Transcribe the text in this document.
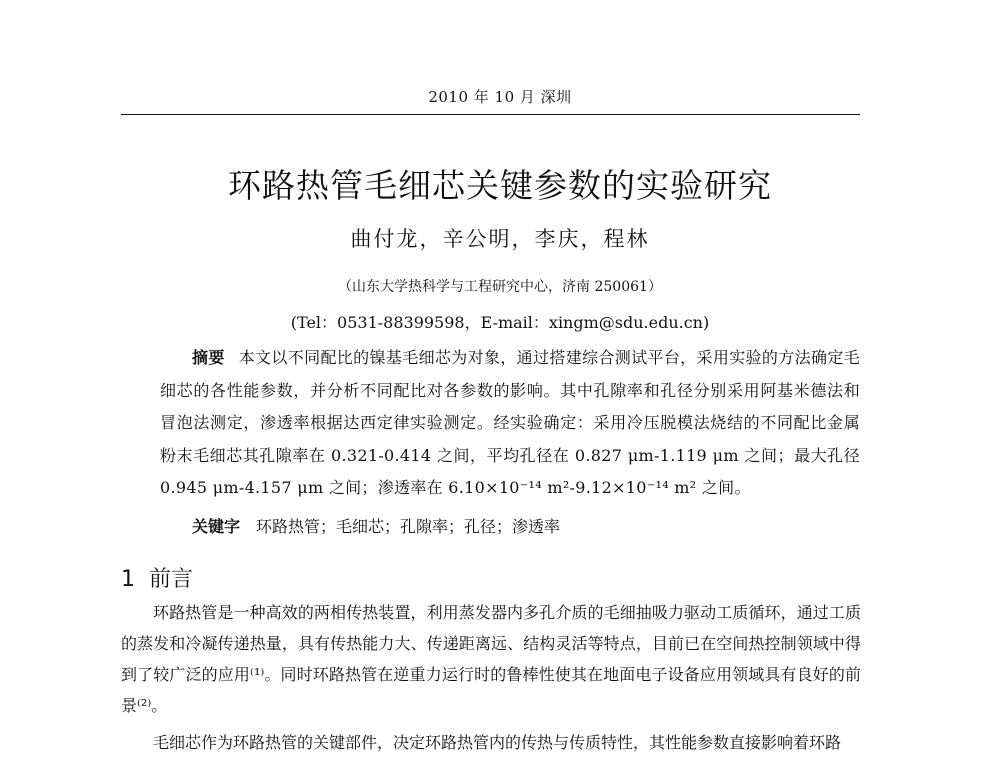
2010 年 10 月 深圳
环路热管毛细芯关键参数的实验研究
曲付龙，辛公明，李庆，程林
（山东大学热科学与工程研究中心，济南 250061）
(Tel：0531-88399598，E-mail：xingm@sdu.edu.cn)
摘要 本文以不同配比的镍基毛细芯为对象，通过搭建综合测试平台，采用实验的方法确定毛细芯的各性能参数，并分析不同配比对各参数的影响。其中孔隙率和孔径分别采用阿基米德法和冒泡法测定，渗透率根据达西定律实验测定。经实验确定：采用冷压脱模法烧结的不同配比金属粉末毛细芯其孔隙率在 0.321-0.414 之间，平均孔径在 0.827 μm-1.119 μm 之间；最大孔径 0.945 μm-4.157 μm 之间；渗透率在 6.10×10⁻¹⁴ m²-9.12×10⁻¹⁴ m² 之间。
关键字 环路热管；毛细芯；孔隙率；孔径；渗透率
1 前言

环路热管是一种高效的两相传热装置，利用蒸发器内多孔介质的毛细抽吸力驱动工质循环，通过工质的蒸发和冷凝传递热量，具有传热能力大、传递距离远、结构灵活等特点，目前已在空间热控制领域中得到了较广泛的应用⁽¹⁾。同时环路热管在逆重力运行时的鲁棒性使其在地面电子设备应用领域具有良好的前景⁽²⁾。

毛细芯作为环路热管的关键部件，决定环路热管内的传热与传质特性，其性能参数直接影响着环路
